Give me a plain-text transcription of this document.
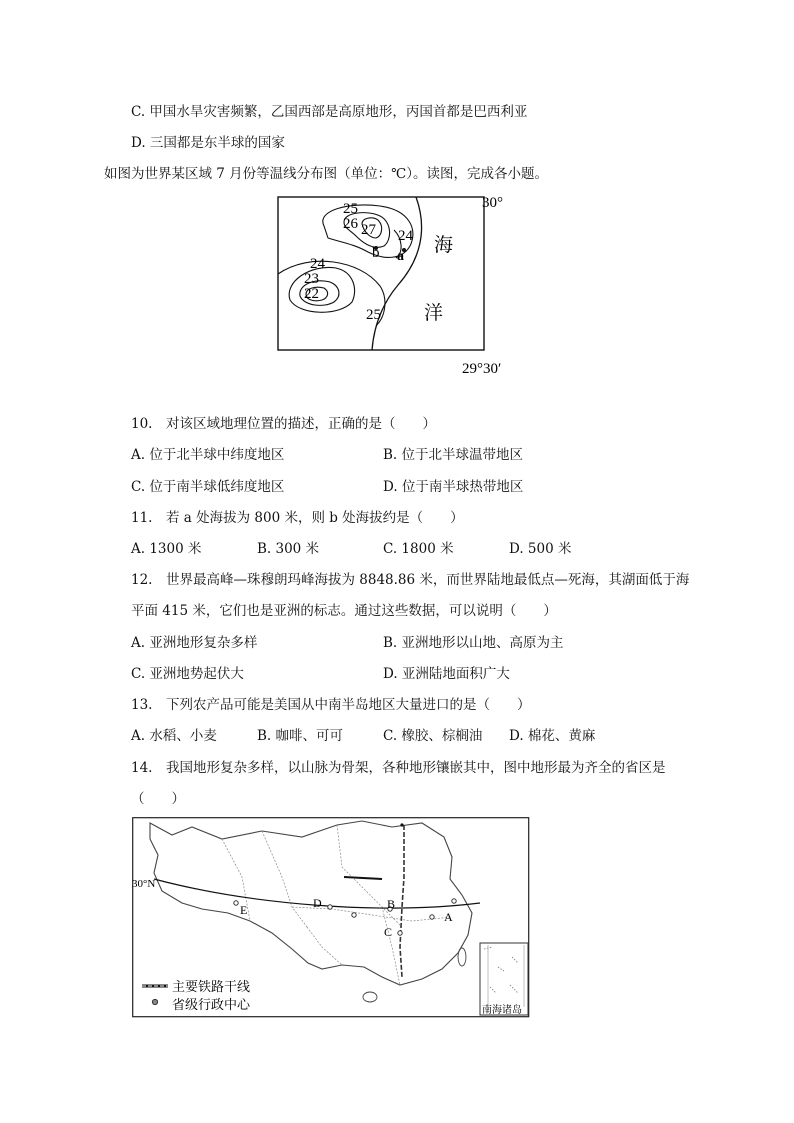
C. 甲国水旱灾害频繁，乙国西部是高原地形，丙国首都是巴西利亚
D. 三国都是东半球的国家
如图为世界某区域 7 月份等温线分布图（单位：℃）。读图，完成各小题。
25
26 27 24
24
23
22
25
b a
海
洋
30°
29°30′
10.　对该区域地理位置的描述，正确的是（　　）
A. 位于北半球中纬度地区	B. 位于北半球温带地区
C. 位于南半球低纬度地区	D. 位于南半球热带地区
11.　若 a 处海拔为 800 米，则 b 处海拔约是（　　）
A. 1300 米	B. 300 米	C. 1800 米	D. 500 米
12.　世界最高峰—珠穆朗玛峰海拔为 8848.86 米，而世界陆地最低点—死海，其湖面低于海
平面 415 米，它们也是亚洲的标志。通过这些数据，可以说明（　　）
A. 亚洲地形复杂多样	B. 亚洲地形以山地、高原为主
C. 亚洲地势起伏大	D. 亚洲陆地面积广大
13.　下列农产品可能是美国从中南半岛地区大量进口的是（　　）
A. 水稻、小麦	B. 咖啡、可可	C. 橡胶、棕榈油 D. 棉花、黄麻
14.　我国地形复杂多样，以山脉为骨架，各种地形镶嵌其中，图中地形最为齐全的省区是
（　　）
30°N
A
B
C
D
E
主要铁路干线
省级行政中心	南海诸岛
